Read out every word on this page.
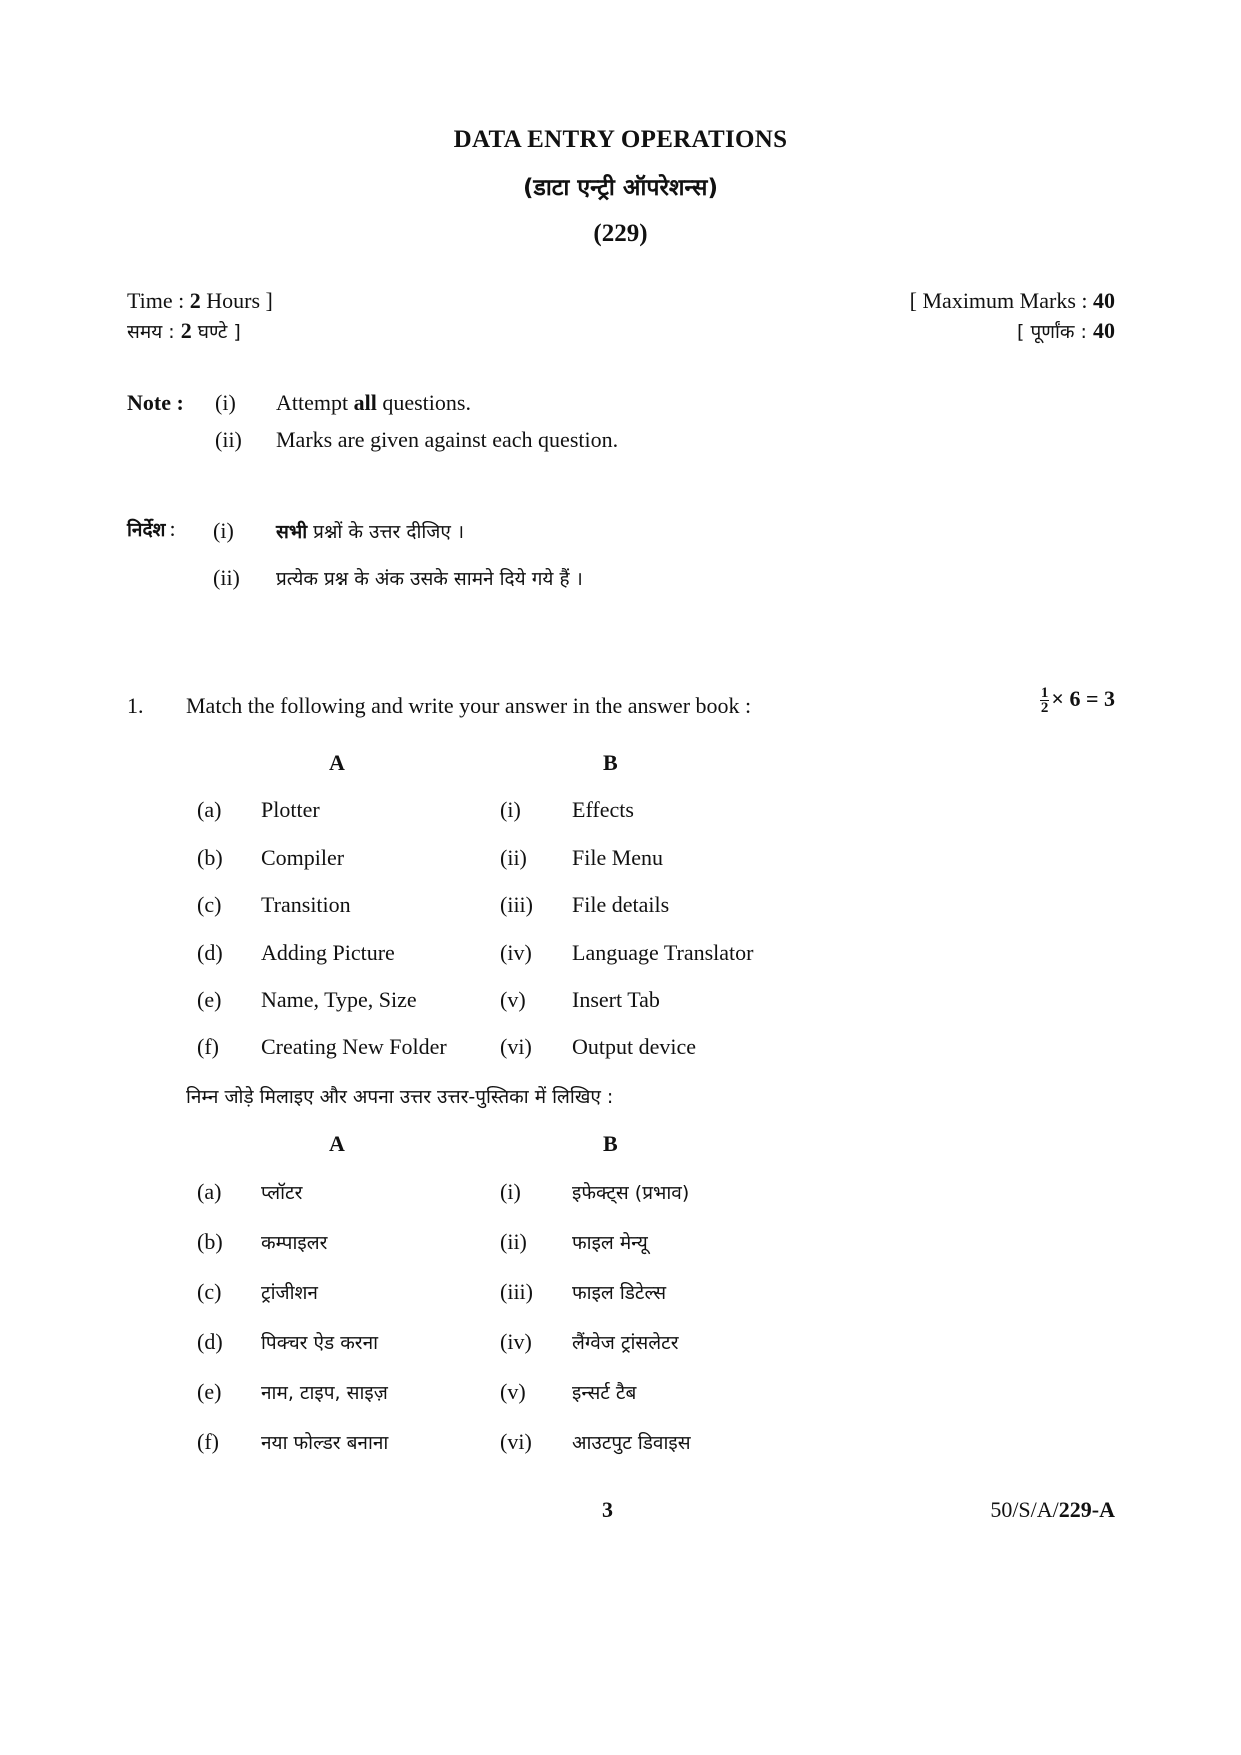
DATA ENTRY OPERATIONS
(डाटा एन्ट्री ऑपरेशन्स)
(229)
Time : 2 Hours ]
समय : 2 घण्टे ]
[ Maximum Marks : 40
[ पूर्णांक : 40
Note : (i) Attempt all questions.
(ii) Marks are given against each question.
निर्देश : (i) सभी प्रश्नों के उत्तर दीजिए ।
(ii) प्रत्येक प्रश्न के अंक उसके सामने दिये गये हैं ।
1. Match the following and write your answer in the answer book :	$\frac{1}{2} \times 6 = 3$
A	B
(a) Plotter	(i) Effects
(b) Compiler	(ii) File Menu
(c) Transition	(iii) File details
(d) Adding Picture	(iv) Language Translator
(e) Name, Type, Size	(v) Insert Tab
(f) Creating New Folder (vi) Output device
निम्न जोड़े मिलाइए और अपना उत्तर उत्तर-पुस्तिका में लिखिए :
A	B
(a) प्लॉटर	(i)	इफेक्ट्स (प्रभाव)
(b) कम्पाइलर	(ii) फाइल मेन्यू
(c) ट्रांजीशन	(iii) फाइल डिटेल्स
(d) पिक्चर ऐड करना	(iv) लैंग्वेज ट्रांसलेटर
(e) नाम, टाइप, साइज़	(v) इन्सर्ट टैब
(f) नया फोल्डर बनाना	(vi) आउटपुट डिवाइस
3	50/S/A/229-A
